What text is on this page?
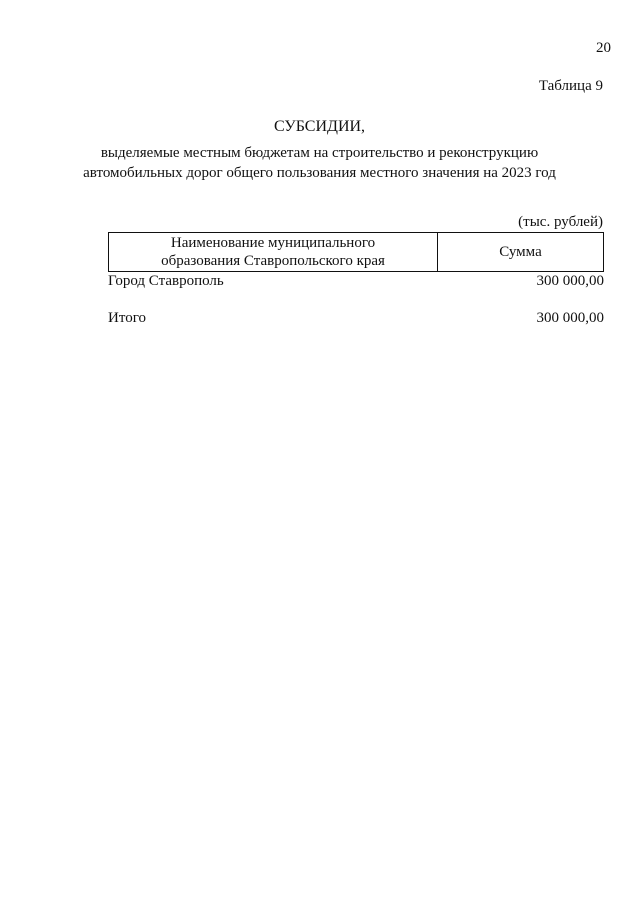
20
Таблица 9
СУБСИДИИ,
выделяемые местным бюджетам на строительство и реконструкцию
автомобильных дорог общего пользования местного значения на 2023 год
(тыс. рублей)
Наименование муниципального
образования Ставропольского края
Сумма
Город Ставрополь	300 000,00
Итого	300 000,00
